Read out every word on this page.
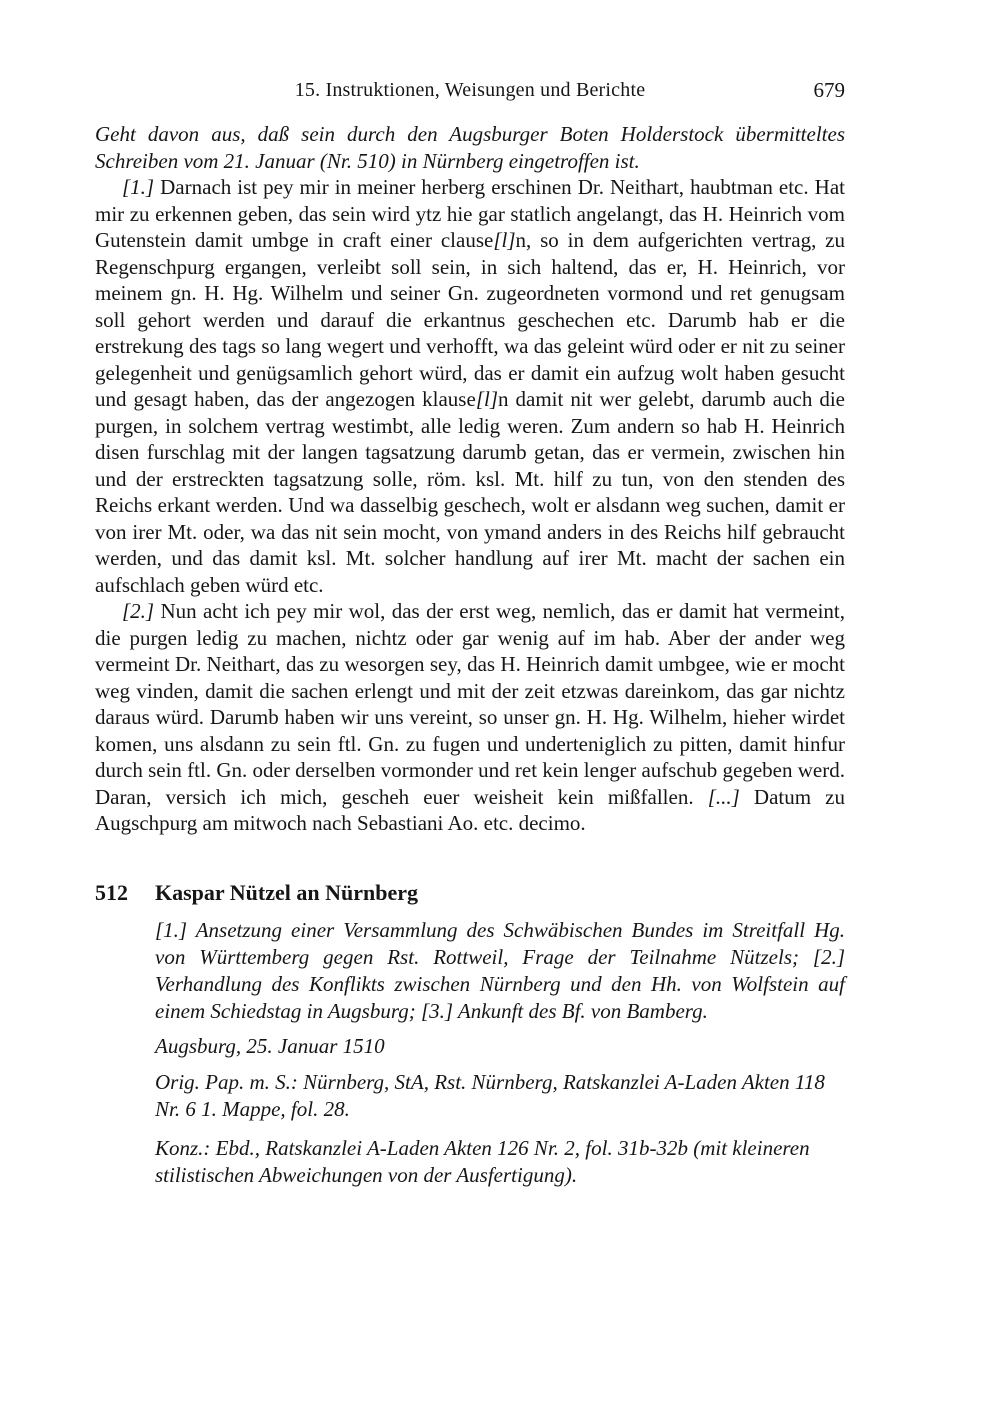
15. Instruktionen, Weisungen und Berichte	679

Geht davon aus, daß sein durch den Augsburger Boten Holderstock übermitteltes Schreiben vom 21. Januar (Nr. 510) in Nürnberg eingetroffen ist.

[1.] Darnach ist pey mir in meiner herberg erschinen Dr. Neithart, haubtman etc. Hat mir zu erkennen geben, das sein wird ytz hie gar statlich angelangt, das H. Heinrich vom Gutenstein damit umbge in craft einer clause[l]n, so in dem aufgerichten vertrag, zu Regenschpurg ergangen, verleibt soll sein, in sich haltend, das er, H. Heinrich, vor meinem gn. H. Hg. Wilhelm und seiner Gn. zugeordneten vormond und ret genugsam soll gehort werden und darauf die erkantnus geschechen etc. Darumb hab er die erstrekung des tags so lang wegert und verhofft, wa das geleint würd oder er nit zu seiner gelegenheit und genügsamlich gehort würd, das er damit ein aufzug wolt haben gesucht und gesagt haben, das der angezogen klause[l]n damit nit wer gelebt, darumb auch die purgen, in solchem vertrag westimbt, alle ledig weren. Zum andern so hab H. Heinrich disen furschlag mit der langen tagsatzung darumb getan, das er vermein, zwischen hin und der erstreckten tagsatzung solle, röm. ksl. Mt. hilf zu tun, von den stenden des Reichs erkant werden. Und wa dasselbig geschech, wolt er alsdann weg suchen, damit er von irer Mt. oder, wa das nit sein mocht, von ymand anders in des Reichs hilf gebraucht werden, und das damit ksl. Mt. solcher handlung auf irer Mt. macht der sachen ein aufschlach geben würd etc.

[2.] Nun acht ich pey mir wol, das der erst weg, nemlich, das er damit hat vermeint, die purgen ledig zu machen, nichtz oder gar wenig auf im hab. Aber der ander weg vermeint Dr. Neithart, das zu wesorgen sey, das H. Heinrich damit umbgee, wie er mocht weg vinden, damit die sachen erlengt und mit der zeit etzwas dareinkom, das gar nichtz daraus würd. Darumb haben wir uns vereint, so unser gn. H. Hg. Wilhelm, hieher wirdet komen, uns alsdann zu sein ftl. Gn. zu fugen und underteniglich zu pitten, damit hinfur durch sein ftl. Gn. oder derselben vormonder und ret kein lenger aufschub gegeben werd. Daran, versich ich mich, gescheh euer weisheit kein mißfallen. [...] Datum zu Augschpurg am mitwoch nach Sebastiani Ao. etc. decimo.

512	Kaspar Nützel an Nürnberg

[1.] Ansetzung einer Versammlung des Schwäbischen Bundes im Streitfall Hg. von Württemberg gegen Rst. Rottweil, Frage der Teilnahme Nützels; [2.] Verhandlung des Konflikts zwischen Nürnberg und den Hh. von Wolfstein auf einem Schiedstag in Augsburg; [3.] Ankunft des Bf. von Bamberg.

Augsburg, 25. Januar 1510

Orig. Pap. m. S.: Nürnberg, StA, Rst. Nürnberg, Ratskanzlei A-Laden Akten 118 Nr. 6 1. Mappe, fol. 28.

Konz.: Ebd., Ratskanzlei A-Laden Akten 126 Nr. 2, fol. 31b-32b (mit kleineren stilistischen Abweichungen von der Ausfertigung).
